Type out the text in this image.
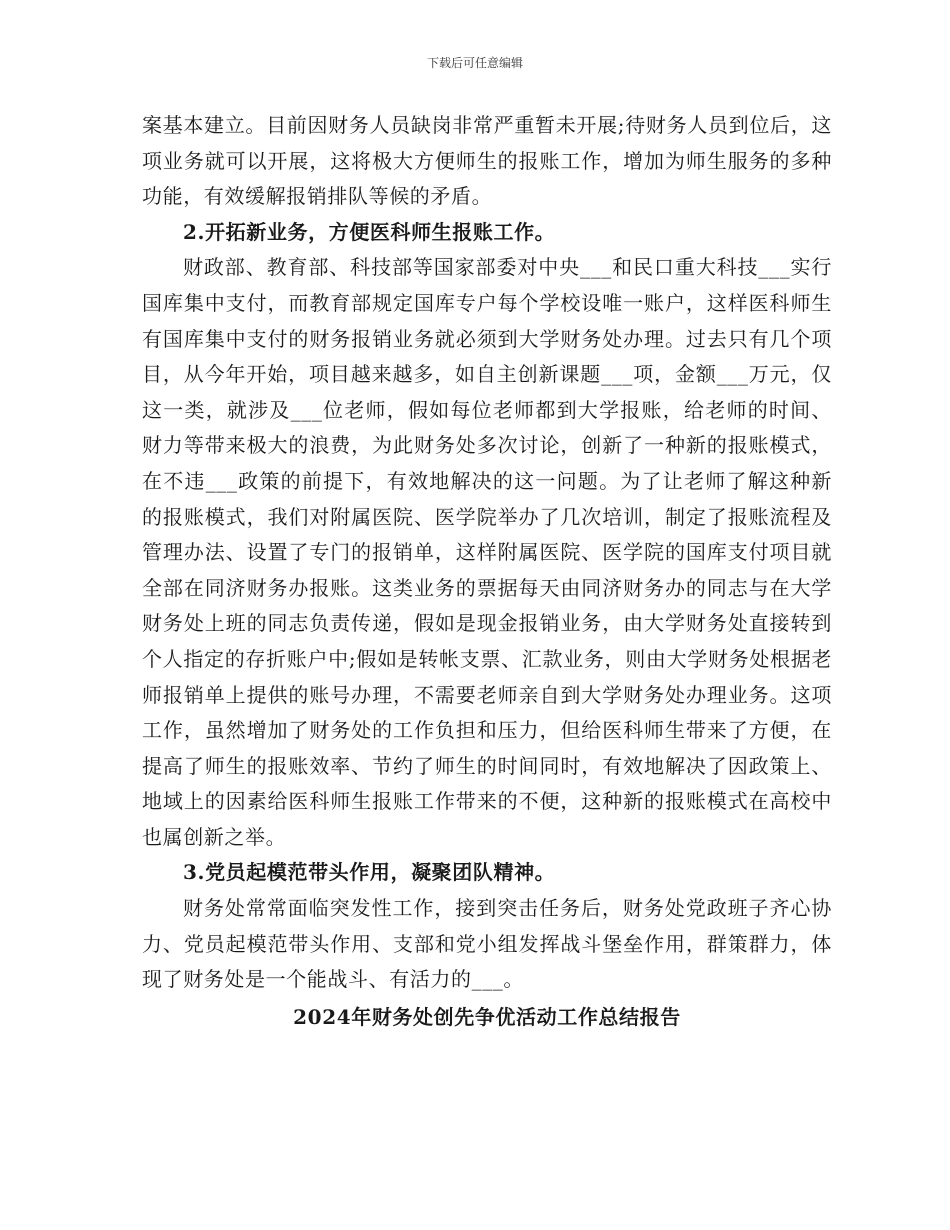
下载后可任意编辑

案基本建立。目前因财务人员缺岗非常严重暂未开展;待财务人员到位后，这项业务就可以开展，这将极大方便师生的报账工作，增加为师生服务的多种功能，有效缓解报销排队等候的矛盾。

2.开拓新业务，方便医科师生报账工作。

财政部、教育部、科技部等国家部委对中央___和民口重大科技___实行国库集中支付，而教育部规定国库专户每个学校设唯一账户，这样医科师生有国库集中支付的财务报销业务就必须到大学财务处办理。过去只有几个项目，从今年开始，项目越来越多，如自主创新课题___项，金额___万元，仅这一类，就涉及___位老师，假如每位老师都到大学报账，给老师的时间、财力等带来极大的浪费，为此财务处多次讨论，创新了一种新的报账模式，在不违___政策的前提下，有效地解决的这一问题。为了让老师了解这种新的报账模式，我们对附属医院、医学院举办了几次培训，制定了报账流程及管理办法、设置了专门的报销单，这样附属医院、医学院的国库支付项目就全部在同济财务办报账。这类业务的票据每天由同济财务办的同志与在大学财务处上班的同志负责传递，假如是现金报销业务，由大学财务处直接转到个人指定的存折账户中;假如是转帐支票、汇款业务，则由大学财务处根据老师报销单上提供的账号办理，不需要老师亲自到大学财务处办理业务。这项工作，虽然增加了财务处的工作负担和压力，但给医科师生带来了方便，在提高了师生的报账效率、节约了师生的时间同时，有效地解决了因政策上、地域上的因素给医科师生报账工作带来的不便，这种新的报账模式在高校中也属创新之举。

3.党员起模范带头作用，凝聚团队精神。

财务处常常面临突发性工作，接到突击任务后，财务处党政班子齐心协力、党员起模范带头作用、支部和党小组发挥战斗堡垒作用，群策群力，体现了财务处是一个能战斗、有活力的___。

2024年财务处创先争优活动工作总结报告
